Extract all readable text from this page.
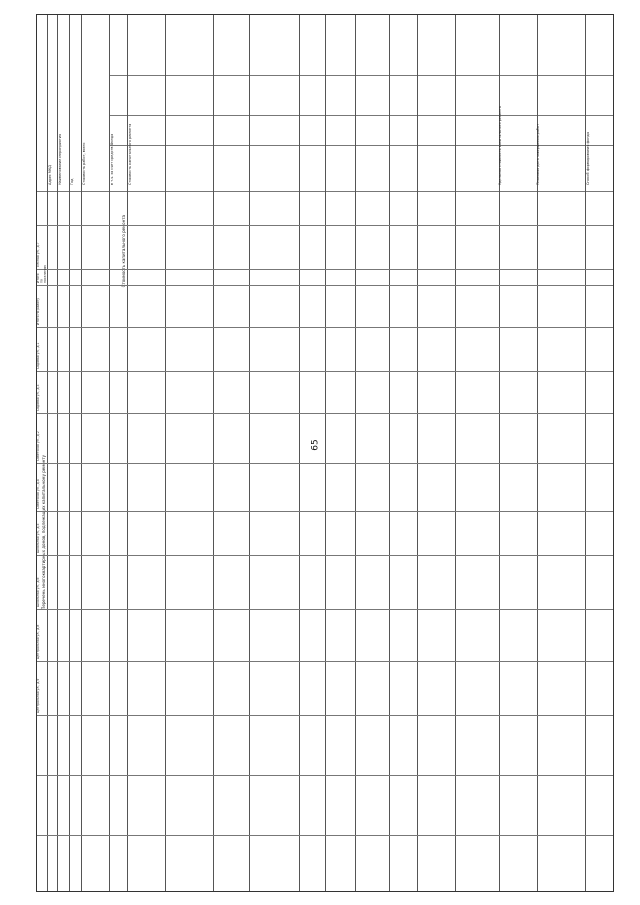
65
Перечень многоквартирных домов, подлежащих капитальному ремонту
Стоимость капитального ремонта
Адрес МКД	Наименование мероприятия	Год	Стоимость работ, всего	в т.ч. за счет средств Фонда	Стоимость капитального ремонта	Плановая дата завершения работ	Способ формирования фонда
Удельная стоимость капитального ремонта
Лесная ул., д.7
Итого по поселению
Итого по району
Садовая ул., д.1
Садовая ул., д.3
Советская ул., д.2
Советская ул., д.4
Школьная ул., д.5
Школьная ул., д.6
Центральная ул., д.8
Центральная ул., д.9
